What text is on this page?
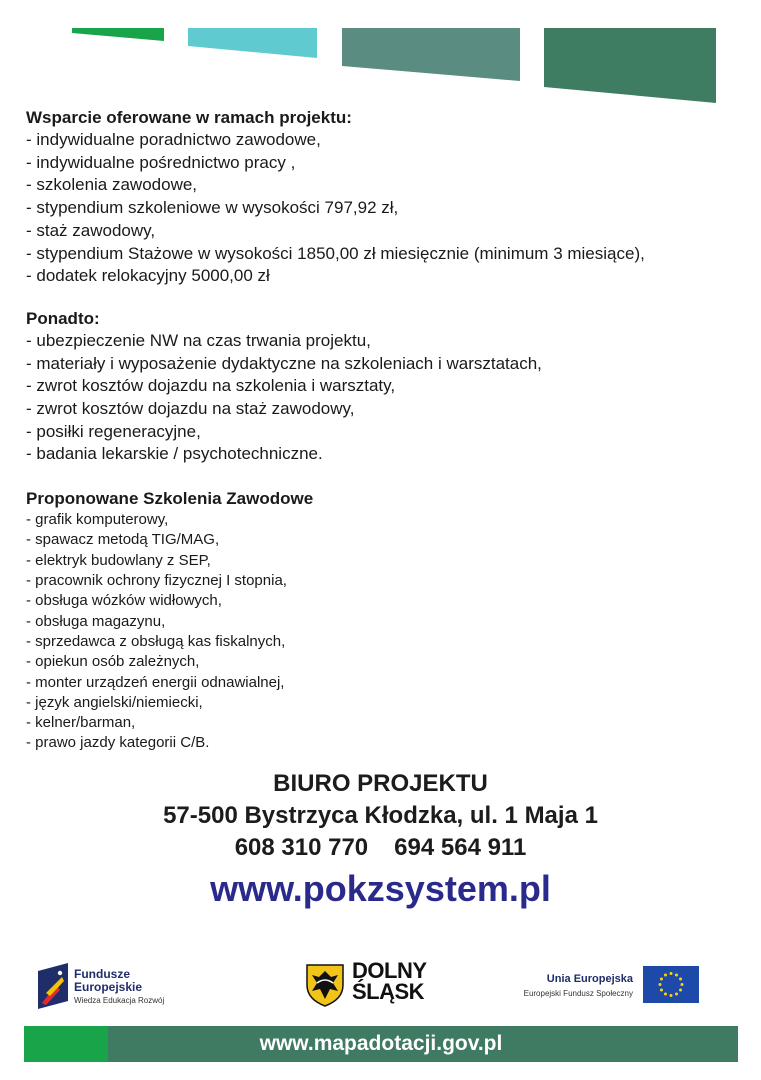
Wsparcie oferowane w ramach projektu:

- indywidualne poradnictwo zawodowe,
- indywidualne pośrednictwo pracy ,
- szkolenia zawodowe,
- stypendium szkoleniowe w wysokości 797,92 zł,
- staż zawodowy,
- stypendium Stażowe w wysokości 1850,00 zł miesięcznie (minimum 3 miesiące),
- dodatek relokacyjny 5000,00 zł

Ponadto:

- ubezpieczenie NW na czas trwania projektu,
- materiały i wyposażenie dydaktyczne na szkoleniach i warsztatach,
- zwrot kosztów dojazdu na szkolenia i warsztaty,
- zwrot kosztów dojazdu na staż zawodowy,
- posiłki regeneracyjne,
- badania lekarskie / psychotechniczne.

Proponowane Szkolenia Zawodowe

- grafik komputerowy,
- spawacz metodą TIG/MAG,
- elektryk budowlany z SEP,
- pracownik ochrony fizycznej I stopnia,
- obsługa wózków widłowych,
- obsługa magazynu,
- sprzedawca z obsługą kas fiskalnych,
- opiekun osób zależnych,
- monter urządzeń energii odnawialnej,
- język angielski/niemiecki,
- kelner/barman,
- prawo jazdy kategorii C/B.
BIURO PROJEKTU
57-500 Bystrzyca Kłodzka, ul. 1 Maja 1
608 310 770 694 564 911
www.pokzsystem.pl
Fundusze
Europejskie
Wiedza Edukacja Rozwój
DOLNY
ŚLĄSK	Unia Europejska
Europejski Fundusz Społeczny
www.mapadotacji.gov.pl
